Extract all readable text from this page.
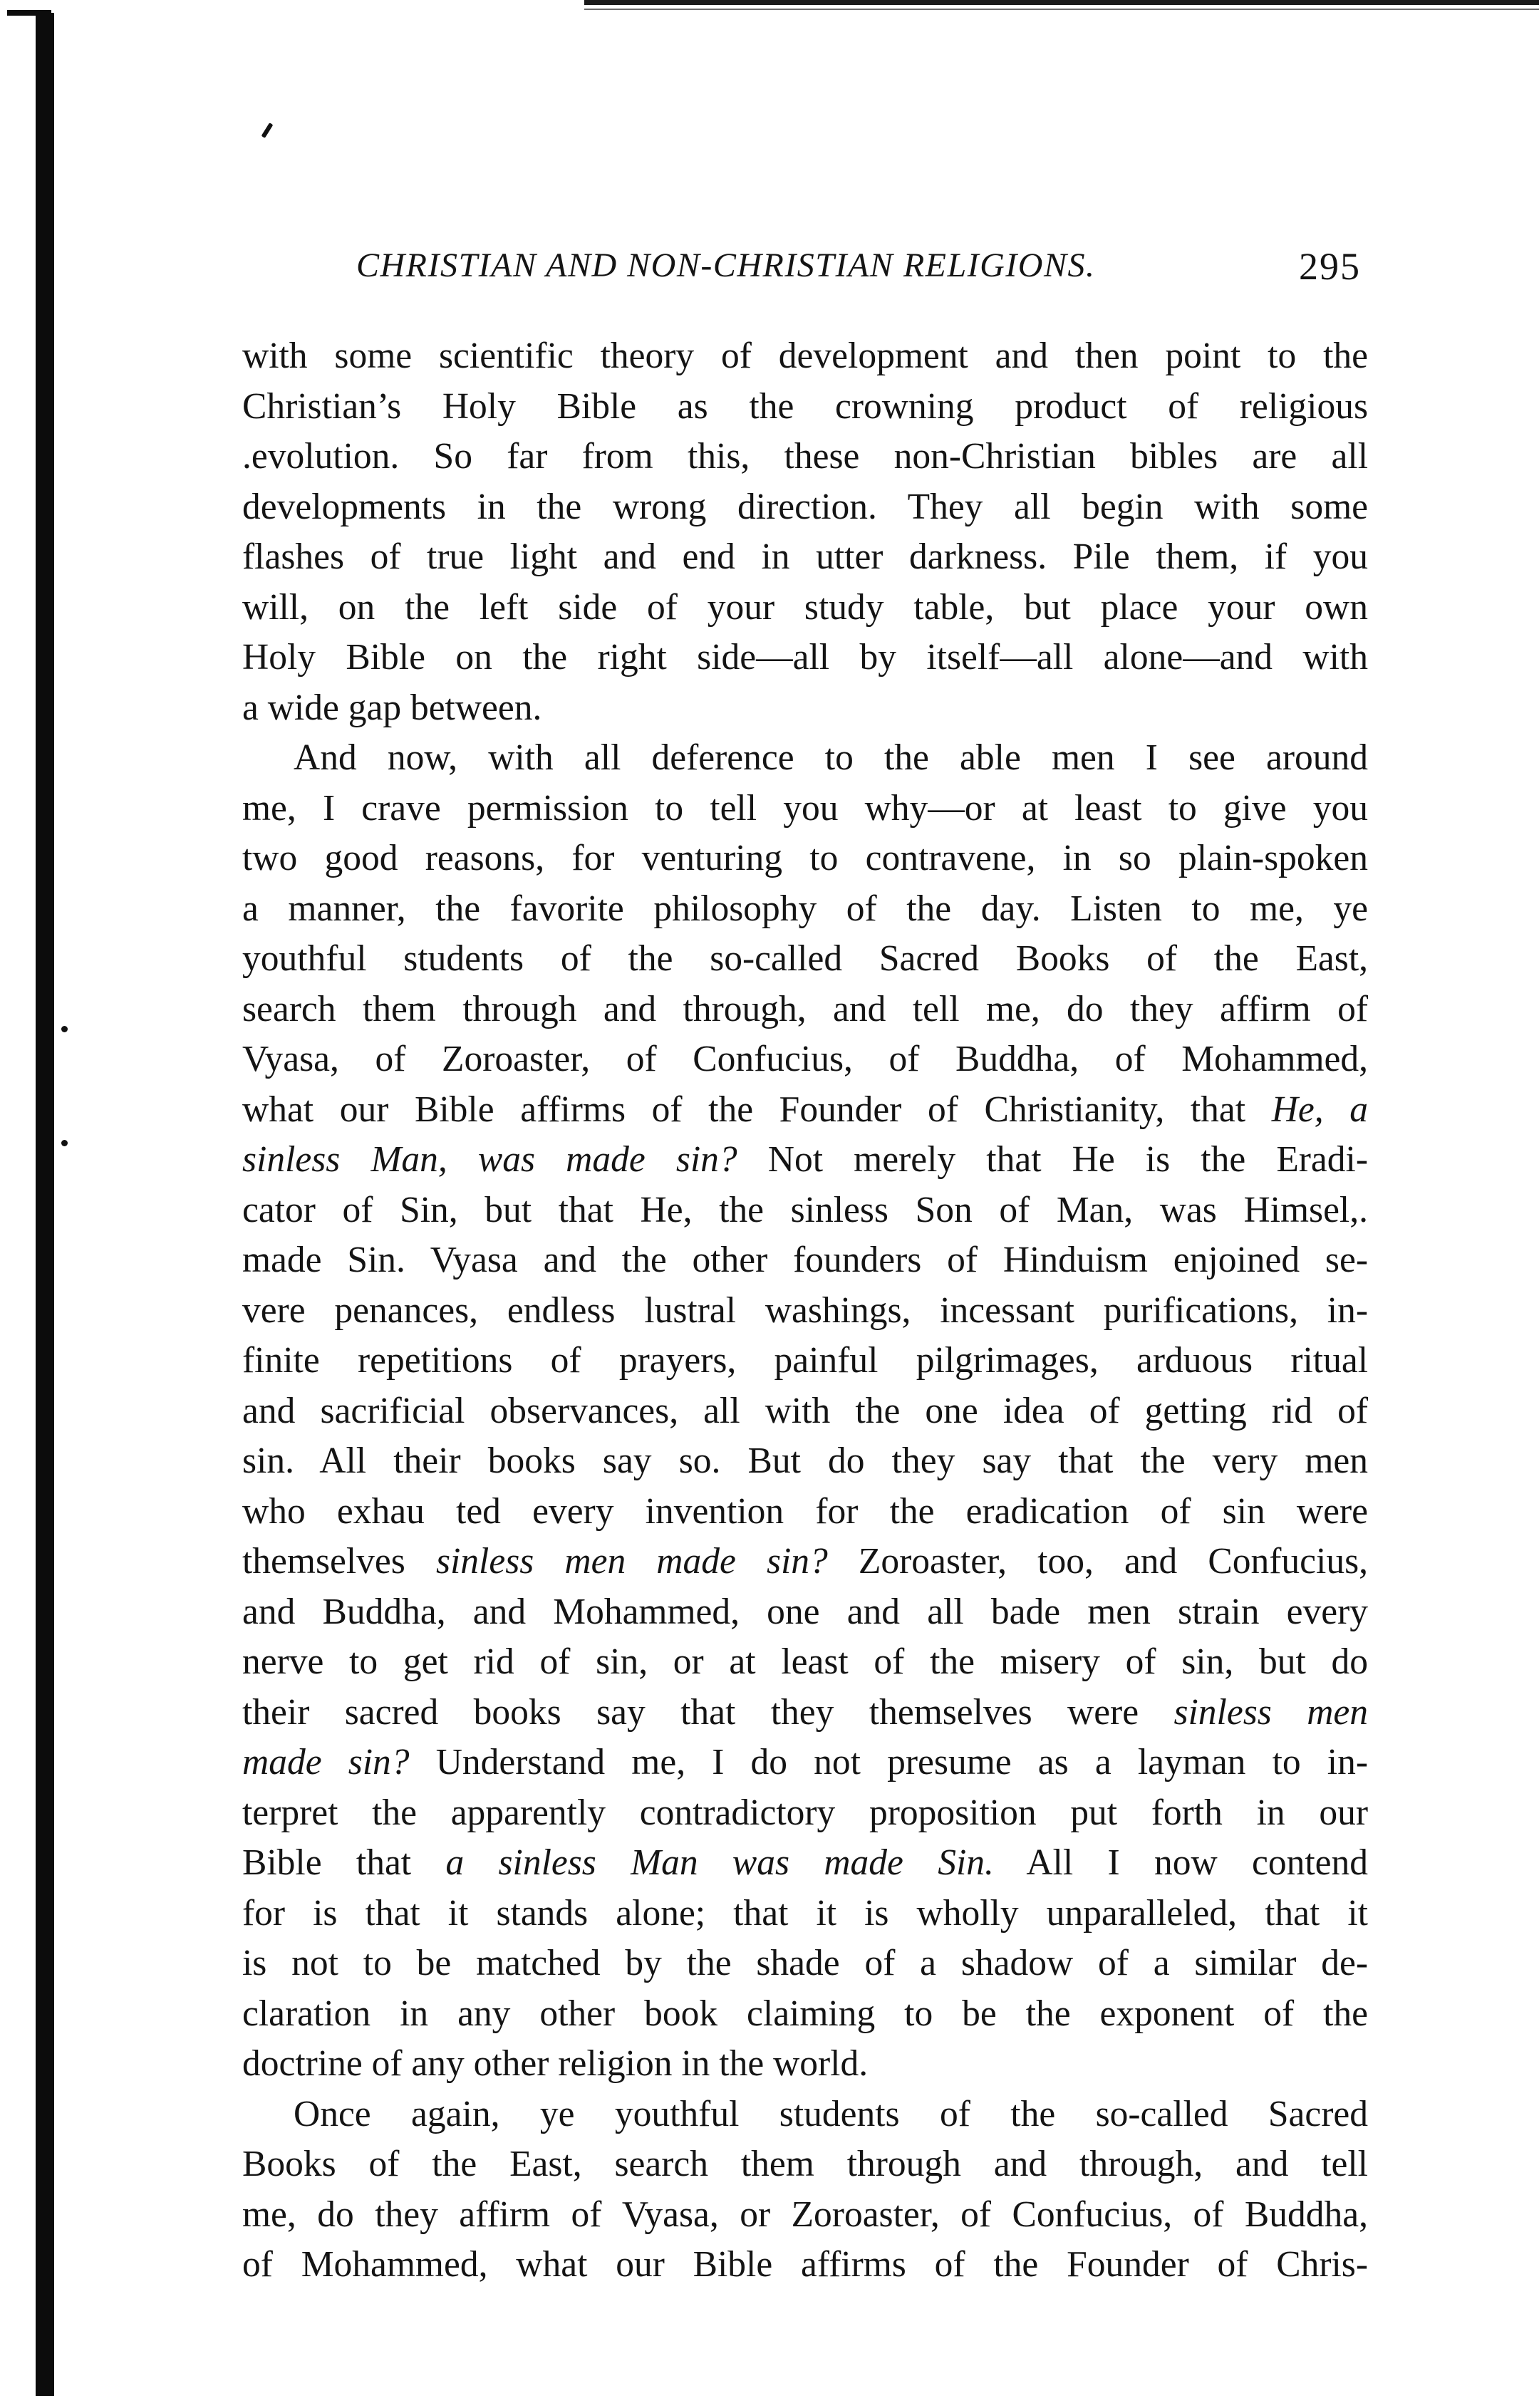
CHRISTIAN AND NON-CHRISTIAN RELIGIONS.	295
with some scientific theory of development and then point to the
Christian’s Holy Bible as the crowning product of religious
.evolution. So far from this, these non-Christian bibles are all
developments in the wrong direction. They all begin with some
flashes of true light and end in utter darkness. Pile them, if you
will, on the left side of your study table, but place your own
Holy Bible on the right side—all by itself—all alone—and with
a wide gap between.
And now, with all deference to the able men I see around
me, I crave permission to tell you why—or at least to give you
two good reasons, for venturing to contravene, in so plain-spoken
a manner, the favorite philosophy of the day. Listen to me, ye
youthful students of the so-called Sacred Books of the East,
search them through and through, and tell me, do they affirm of
Vyasa, of Zoroaster, of Confucius, of Buddha, of Mohammed,
what our Bible affirms of the Founder of Christianity, that He, a
sinless Man, was made sin? Not merely that He is the Eradi-
cator of Sin, but that He, the sinless Son of Man, was Himsel,.
made Sin. Vyasa and the other founders of Hinduism enjoined se-
vere penances, endless lustral washings, incessant purifications, in-
finite repetitions of prayers, painful pilgrimages, arduous ritual
and sacrificial observances, all with the one idea of getting rid of
sin. All their books say so. But do they say that the very men
who exhau ted every invention for the eradication of sin were
themselves sinless men made sin? Zoroaster, too, and Confucius,
and Buddha, and Mohammed, one and all bade men strain every
nerve to get rid of sin, or at least of the misery of sin, but do
their sacred books say that they themselves were sinless men
made sin? Understand me, I do not presume as a layman to in-
terpret the apparently contradictory proposition put forth in our
Bible that a sinless Man was made Sin. All I now contend
for is that it stands alone; that it is wholly unparalleled, that it
is not to be matched by the shade of a shadow of a similar de-
claration in any other book claiming to be the exponent of the
doctrine of any other religion in the world.
Once again, ye youthful students of the so-called Sacred
Books of the East, search them through and through, and tell
me, do they affirm of Vyasa, or Zoroaster, of Confucius, of Buddha,
of Mohammed, what our Bible affirms of the Founder of Chris-
